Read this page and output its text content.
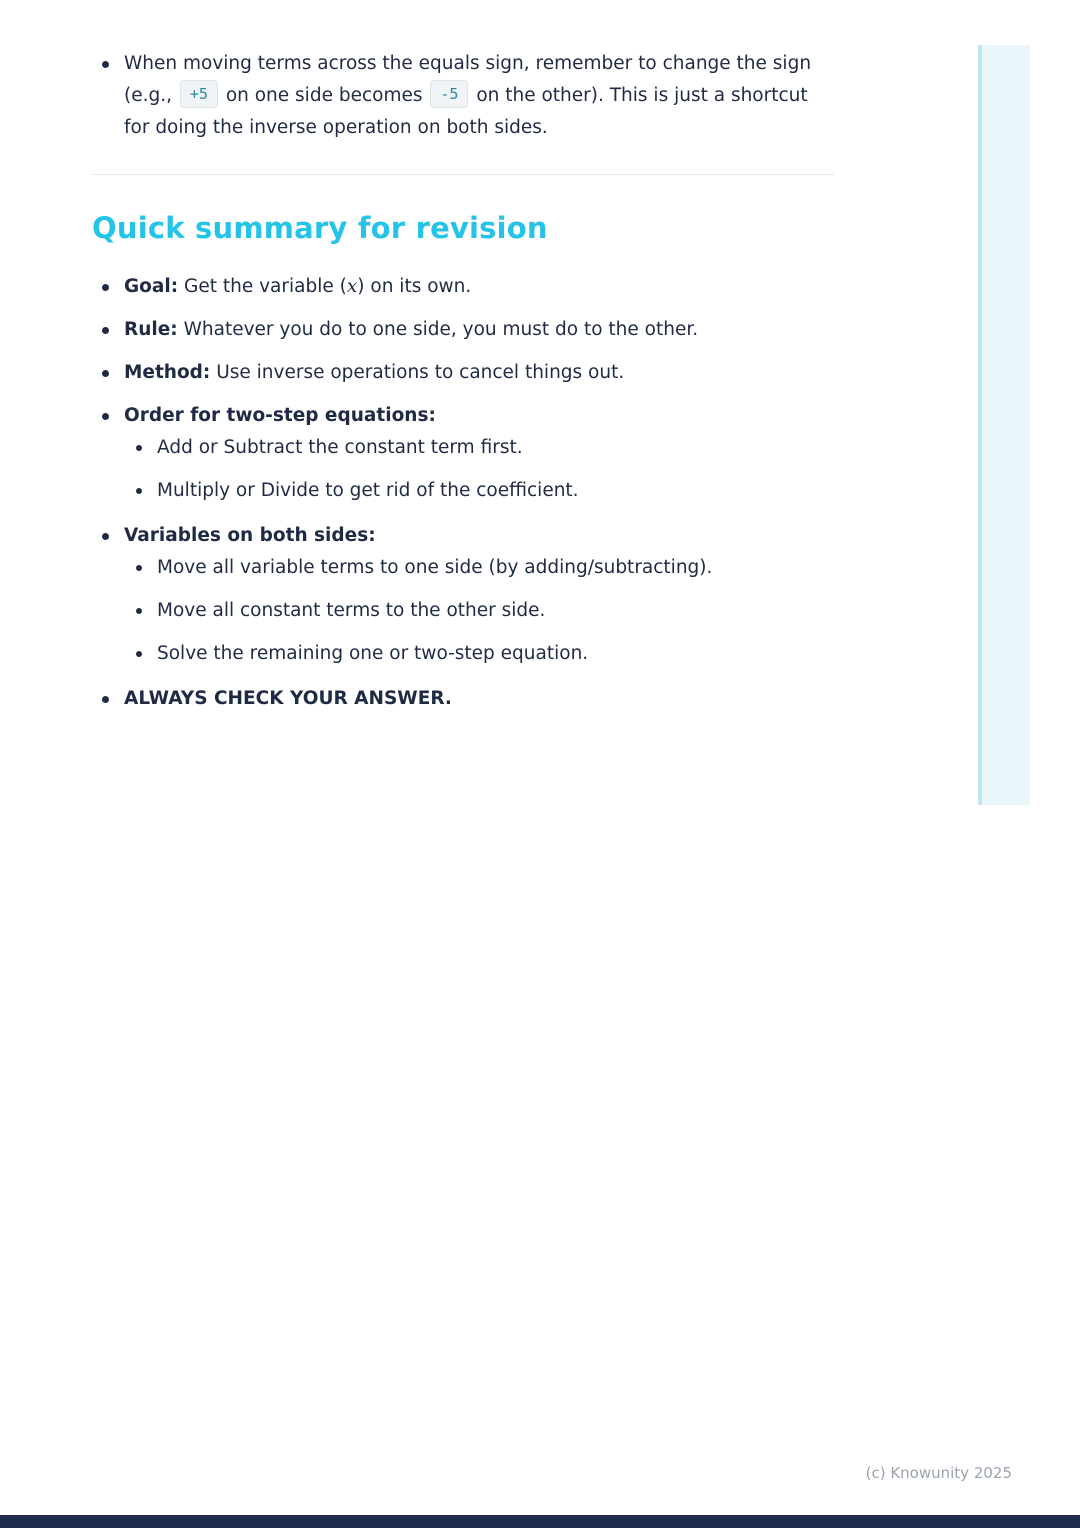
When moving terms across the equals sign, remember to change the sign (e.g., +5 on one side becomes -5 on the other). This is just a shortcut for doing the inverse operation on both sides.
Quick summary for revision
Goal: Get the variable (x) on its own.
Rule: Whatever you do to one side, you must do to the other.
Method: Use inverse operations to cancel things out.
Order for two-step equations:
Add or Subtract the constant term first.
Multiply or Divide to get rid of the coefficient.
Variables on both sides:
Move all variable terms to one side (by adding/subtracting).
Move all constant terms to the other side.
Solve the remaining one or two-step equation.
ALWAYS CHECK YOUR ANSWER.
(c) Knowunity 2025
